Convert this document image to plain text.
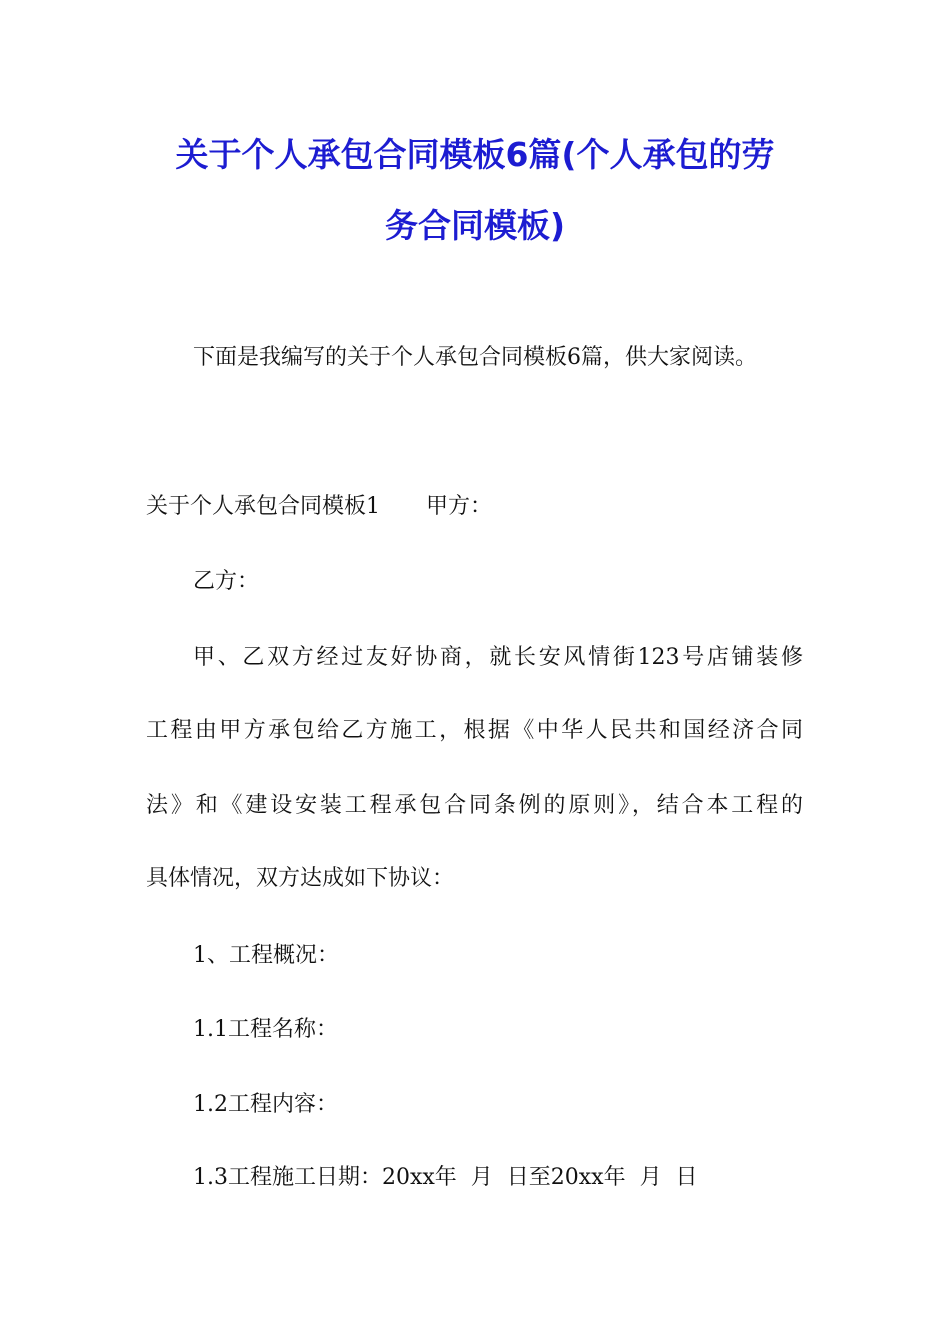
关于个人承包合同模板6篇(个人承包的劳
务合同模板)
下面是我编写的关于个人承包合同模板6篇，供大家阅读。
关于个人承包合同模板1 甲方：
乙方：
甲、乙双方经过友好协商，就长安风情街123号店铺装修
工程由甲方承包给乙方施工，根据《中华人民共和国经济合同
法》和《建设安装工程承包合同条例的原则》，结合本工程的
具体情况，双方达成如下协议：
1、工程概况：
1.1工程名称：
1.2工程内容：
1.3工程施工日期：20xx年  月  日至20xx年  月  日
